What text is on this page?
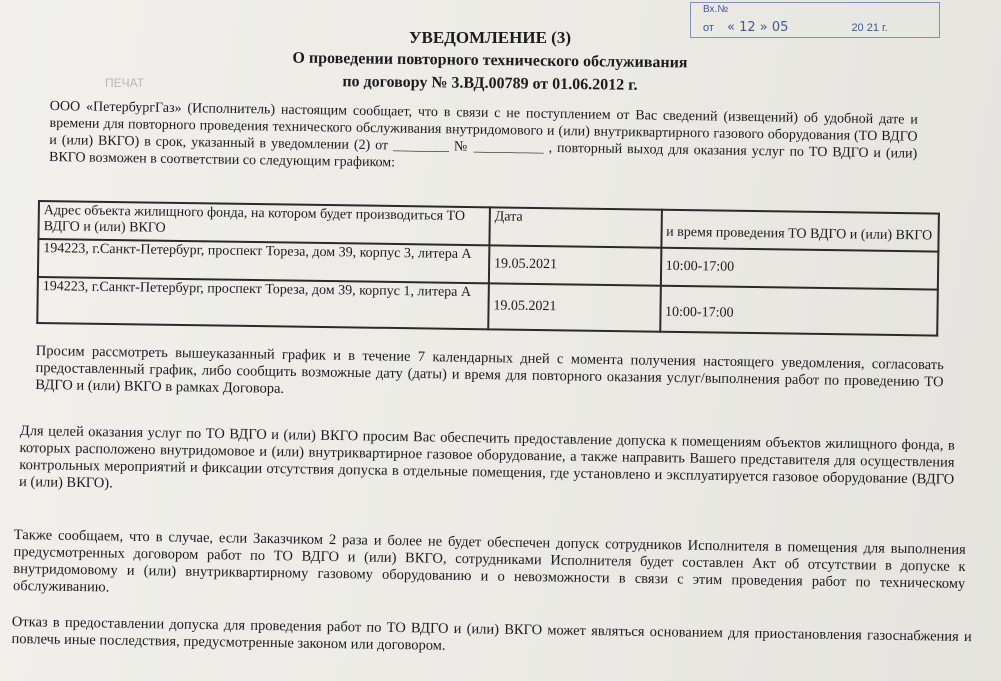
Вх.№
от « 12 » 05	20 21 г.
ПЕЧАТ
УВЕДОМЛЕНИЕ (3)
О проведении повторного технического обслуживания
по договору № 3.ВД.00789 от 01.06.2012 г.
ООО «ПетербургГаз» (Исполнитель) настоящим сообщает, что в связи с не поступлением от Вас сведений (извещений) об удобной дате и времени для повторного проведения технического обслуживания внутридомового и (или) внутриквартирного газового оборудования (ТО ВДГО и (или) ВКГО) в срок, указанный в уведомлении (2) от ________ № __________ , повторный выход для оказания услуг по ТО ВДГО и (или) ВКГО возможен в соответствии со следующим графиком:
Адрес объекта жилищного фонда, на котором будет производиться ТО ВДГО и (или) ВКГО	Дата	и время проведения ТО ВДГО и (или) ВКГО
194223, г.Санкт-Петербург, проспект Тореза, дом 39, корпус 3, литера А	19.05.2021	10:00-17:00
194223, г.Санкт-Петербург, проспект Тореза, дом 39, корпус 1, литера А	19.05.2021	10:00-17:00
Просим рассмотреть вышеуказанный график и в течение 7 календарных дней с момента получения настоящего уведомления, согласовать предоставленный график, либо сообщить возможные дату (даты) и время для повторного оказания услуг/выполнения работ по проведению ТО ВДГО и (или) ВКГО в рамках Договора.
Для целей оказания услуг по ТО ВДГО и (или) ВКГО просим Вас обеспечить предоставление допуска к помещениям объектов жилищного фонда, в которых расположено внутридомовое и (или) внутриквартирное газовое оборудование, а также направить Вашего представителя для осуществления контрольных мероприятий и фиксации отсутствия допуска в отдельные помещения, где установлено и эксплуатируется газовое оборудование (ВДГО и (или) ВКГО).
Также сообщаем, что в случае, если Заказчиком 2 раза и более не будет обеспечен допуск сотрудников Исполнителя в помещения для выполнения предусмотренных договором работ по ТО ВДГО и (или) ВКГО, сотрудниками Исполнителя будет составлен Акт об отсутствии в допуске к внутридомовому и (или) внутриквартирному газовому оборудованию и о невозможности в связи с этим проведения работ по техническому обслуживанию.
Отказ в предоставлении допуска для проведения работ по ТО ВДГО и (или) ВКГО может являться основанием для приостановления газоснабжения и повлечь иные последствия, предусмотренные законом или договором.
